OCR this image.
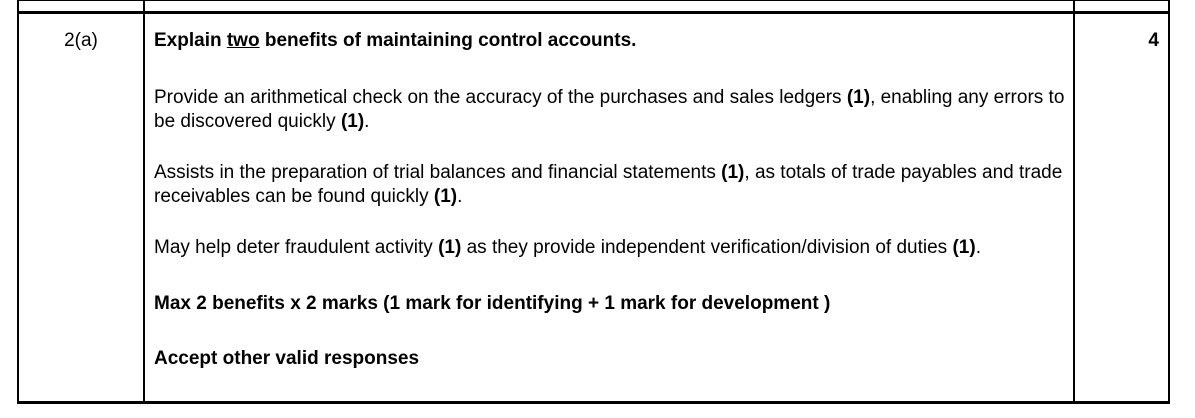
2(a)	Explain two benefits of maintaining control accounts.

Provide an arithmetical check on the accuracy of the purchases and sales ledgers (1), enabling any errors to be discovered quickly (1).

Assists in the preparation of trial balances and financial statements (1), as totals of trade payables and trade receivables can be found quickly (1).

May help deter fraudulent activity (1) as they provide independent verification/division of duties (1).

Max 2 benefits x 2 marks (1 mark for identifying + 1 mark for development )

Accept other valid responses

4
